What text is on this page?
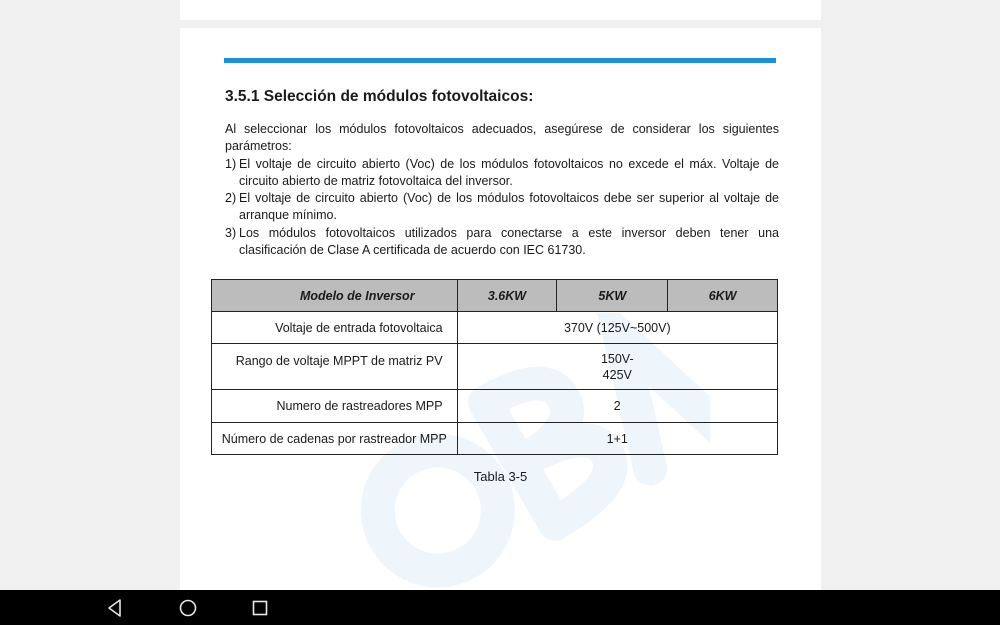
3.5.1 Selección de módulos fotovoltaicos:

Al seleccionar los módulos fotovoltaicos adecuados, asegúrese de considerar los siguientes parámetros:

1) El voltaje de circuito abierto (Voc) de los módulos fotovoltaicos no excede el máx. Voltaje de circuito abierto de matriz fotovoltaica del inversor.
2) El voltaje de circuito abierto (Voc) de los módulos fotovoltaicos debe ser superior al voltaje de arranque mínimo.
3) Los módulos fotovoltaicos utilizados para conectarse a este inversor deben tener una clasificación de Clase A certificada de acuerdo con IEC 61730.
Modelo de Inversor	3.6KW	5KW	6KW
Voltaje de entrada fotovoltaica	370V (125V~500V)		
Rango de voltaje MPPT de matriz PV	150V-
425V		
Numero de rastreadores MPP	2		
Número de cadenas por rastreador MPP	1+1		
Tabla 3-5
